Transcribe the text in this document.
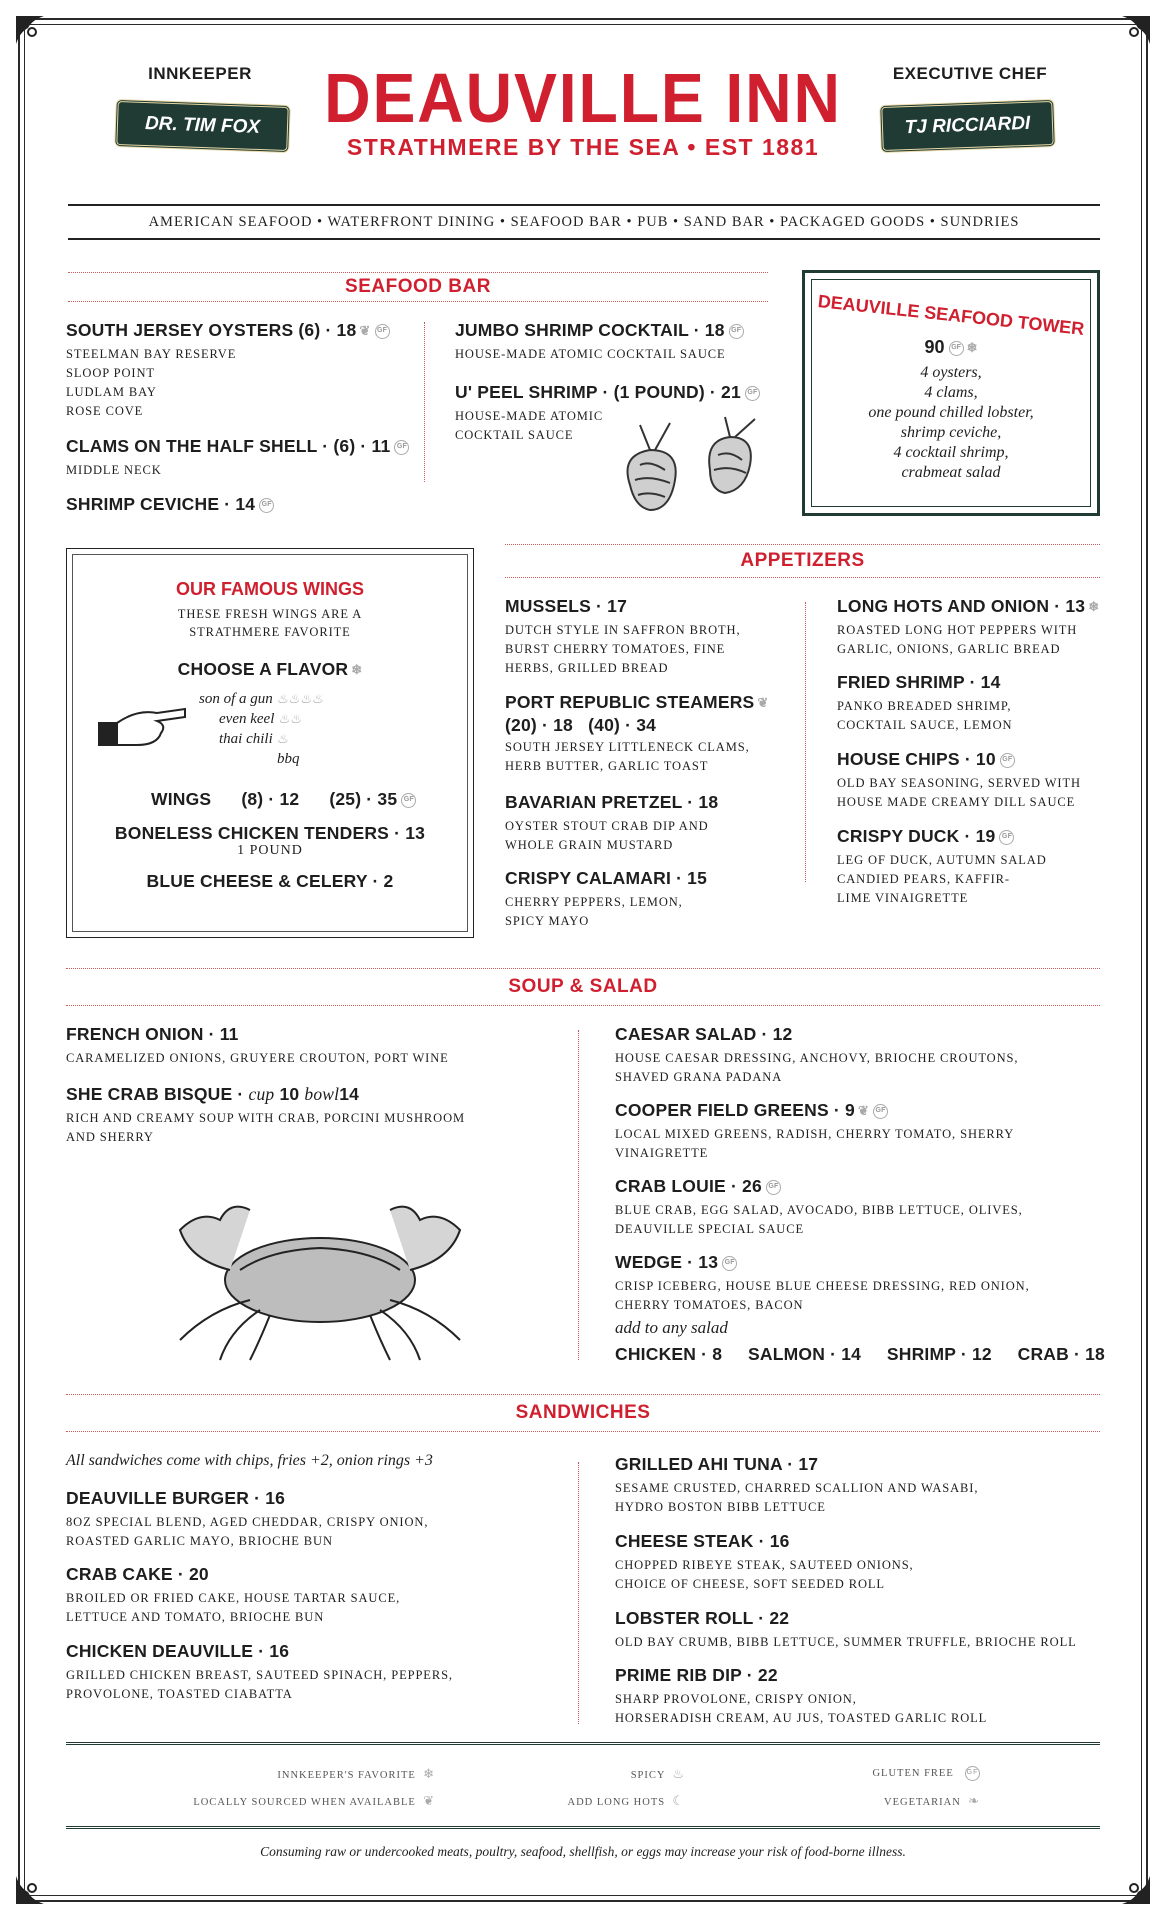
INNKEEPER
DR. TIM FOX
EXECUTIVE CHEF
TJ RICCIARDI
DEAUVILLE INN
STRATHMERE BY THE SEA • EST 1881
AMERICAN SEAFOOD • WATERFRONT DINING • SEAFOOD BAR • PUB • SAND BAR • PACKAGED GOODS • SUNDRIES
SEAFOOD BAR
SOUTH JERSEY OYSTERS (6) · 18 ❦ GF
STEELMAN BAY RESERVE
SLOOP POINT
LUDLAM BAY
ROSE COVE
CLAMS ON THE HALF SHELL · (6) · 11 GF
MIDDLE NECK
SHRIMP CEVICHE · 14 GF
JUMBO SHRIMP COCKTAIL · 18 GF
HOUSE-MADE ATOMIC COCKTAIL SAUCE
U' PEEL SHRIMP · (1 POUND) · 21 GF
HOUSE-MADE ATOMIC
COCKTAIL SAUCE
DEAUVILLE SEAFOOD TOWER
90 GF ❄
4 oysters,
4 clams,
one pound chilled lobster,
shrimp ceviche,
4 cocktail shrimp,
crabmeat salad
OUR FAMOUS WINGS
THESE FRESH WINGS ARE A
STRATHMERE FAVORITE
CHOOSE A FLAVOR ❄
son of a gun ♨♨♨♨
even keel ♨♨
thai chili ♨
bbq
WINGS (8) · 12 (25) · 35 GF
BONELESS CHICKEN TENDERS · 13
1 POUND
BLUE CHEESE & CELERY · 2
APPETIZERS
MUSSELS · 17
DUTCH STYLE IN SAFFRON BROTH,
BURST CHERRY TOMATOES, FINE
HERBS, GRILLED BREAD
PORT REPUBLIC STEAMERS ❦
(20) · 18   (40) · 34
SOUTH JERSEY LITTLENECK CLAMS,
HERB BUTTER, GARLIC TOAST
BAVARIAN PRETZEL · 18
OYSTER STOUT CRAB DIP AND
WHOLE GRAIN MUSTARD
CRISPY CALAMARI · 15
CHERRY PEPPERS, LEMON,
SPICY MAYO
LONG HOTS AND ONION · 13 ❄
ROASTED LONG HOT PEPPERS WITH
GARLIC, ONIONS, GARLIC BREAD
FRIED SHRIMP · 14
PANKO BREADED SHRIMP,
COCKTAIL SAUCE, LEMON
HOUSE CHIPS · 10 GF
OLD BAY SEASONING, SERVED WITH
HOUSE MADE CREAMY DILL SAUCE
CRISPY DUCK · 19 GF
LEG OF DUCK, AUTUMN SALAD
CANDIED PEARS, KAFFIR-
LIME VINAIGRETTE
SOUP & SALAD
FRENCH ONION · 11
CARAMELIZED ONIONS, GRUYERE CROUTON, PORT WINE
SHE CRAB BISQUE · cup 10 bowl14
RICH AND CREAMY SOUP WITH CRAB, PORCINI MUSHROOM
AND SHERRY
CAESAR SALAD · 12
HOUSE CAESAR DRESSING, ANCHOVY, BRIOCHE CROUTONS,
SHAVED GRANA PADANA
COOPER FIELD GREENS · 9 ❦ GF
LOCAL MIXED GREENS, RADISH, CHERRY TOMATO, SHERRY
VINAIGRETTE
CRAB LOUIE · 26 GF
BLUE CRAB, EGG SALAD, AVOCADO, BIBB LETTUCE, OLIVES,
DEAUVILLE SPECIAL SAUCE
WEDGE · 13 GF
CRISP ICEBERG, HOUSE BLUE CHEESE DRESSING, RED ONION,
CHERRY TOMATOES, BACON
add to any salad
CHICKEN · 8 SALMON · 14 SHRIMP · 12 CRAB · 18
SANDWICHES
All sandwiches come with chips, fries +2, onion rings +3
DEAUVILLE BURGER · 16
8OZ SPECIAL BLEND, AGED CHEDDAR, CRISPY ONION,
ROASTED GARLIC MAYO, BRIOCHE BUN
CRAB CAKE · 20
BROILED OR FRIED CAKE, HOUSE TARTAR SAUCE,
LETTUCE AND TOMATO, BRIOCHE BUN
CHICKEN DEAUVILLE · 16
GRILLED CHICKEN BREAST, SAUTEED SPINACH, PEPPERS,
PROVOLONE, TOASTED CIABATTA
GRILLED AHI TUNA · 17
SESAME CRUSTED, CHARRED SCALLION AND WASABI,
HYDRO BOSTON BIBB LETTUCE
CHEESE STEAK · 16
CHOPPED RIBEYE STEAK, SAUTEED ONIONS,
CHOICE OF CHEESE, SOFT SEEDED ROLL
LOBSTER ROLL · 22
OLD BAY CRUMB, BIBB LETTUCE, SUMMER TRUFFLE, BRIOCHE ROLL
PRIME RIB DIP · 22
SHARP PROVOLONE, CRISPY ONION,
HORSERADISH CREAM, AU JUS, TOASTED GARLIC ROLL
INNKEEPER'S FAVORITE ❄
LOCALLY SOURCED WHEN AVAILABLE ❦
SPICY ♨
ADD LONG HOTS ☾
GLUTEN FREE GF
VEGETARIAN ❧
Consuming raw or undercooked meats, poultry, seafood, shellfish, or eggs may increase your risk of food-borne illness.
